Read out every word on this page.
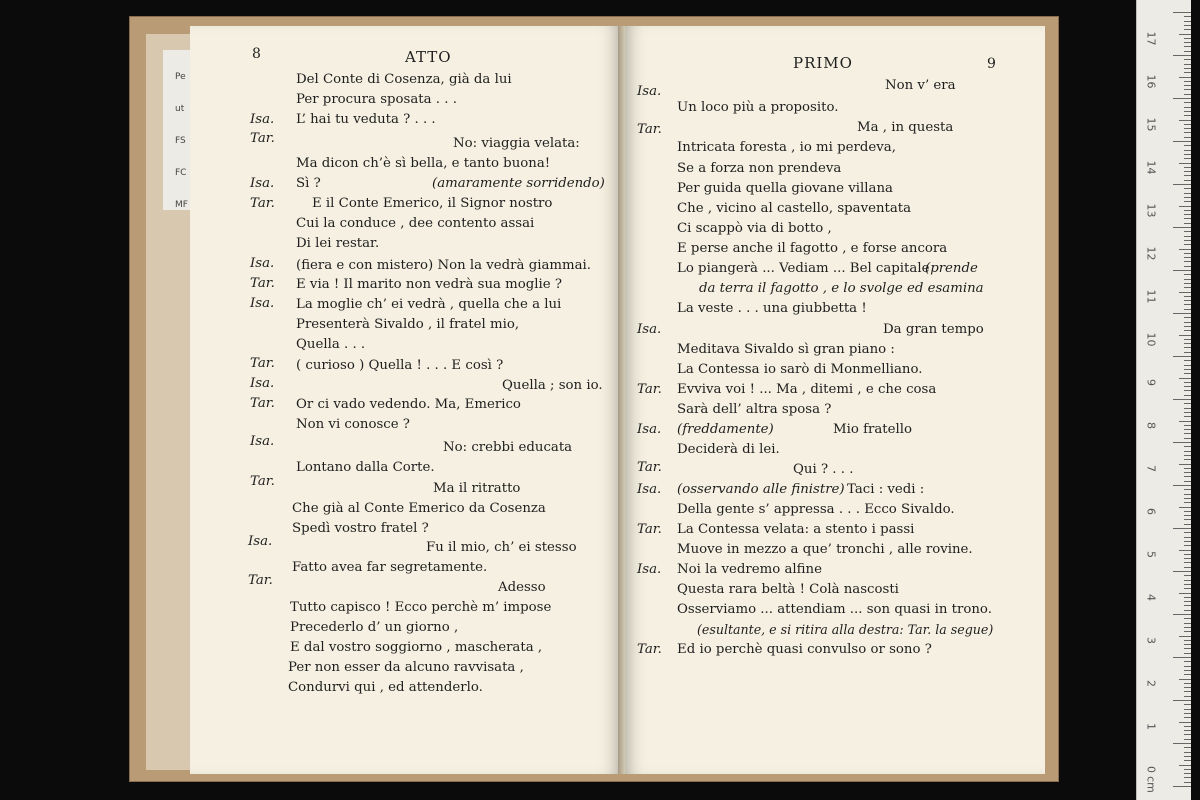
Pe
ut
FS
FC
MF
8	ATTO
Del Conte di Cosenza, già da lui
Per procura sposata . . .
Isa. L’ hai tu veduta ? . . .
Tar.	No: viaggia velata:
Ma dicon ch’è sì bella, e tanto buona!
Isa. Sì ?	(amaramente sorridendo)
Tar.	E il Conte Emerico, il Signor nostro
Cui la conduce , dee contento assai
Di lei restar.
Isa. (fiera e con mistero) Non la vedrà giammai.
Tar. E via ! Il marito non vedrà sua moglie ?
Isa. La moglie ch’ ei vedrà , quella che a lui
Presenterà Sivaldo , il fratel mio,
Quella . . .
Tar. ( curioso ) Quella ! . . . E così ?
Isa.	Quella ; son io.
Tar. Or ci vado vedendo. Ma, Emerico
Non vi conosce ?
Isa.	No: crebbi educata
Lontano dalla Corte.
Tar.	Ma il ritratto
Che già al Conte Emerico da Cosenza
Spedì vostro fratel ?
Isa.	Fu il mio, ch’ ei stesso
Fatto avea far segretamente.
Tar.	Adesso
Tutto capisco ! Ecco perchè m’ impose
Precederlo d’ un giorno ,
E dal vostro soggiorno , mascherata ,
Per non esser da alcuno ravvisata ,
Condurvi qui , ed attenderlo.
PRIMO	9
Isa.	Non v’ era
Un loco più a proposito.
Tar.	Ma , in questa
Intricata foresta , io mi perdeva,
Se a forza non prendeva
Per guida quella giovane villana
Che , vicino al castello, spaventata
Ci scappò via di botto ,
E perse anche il fagotto , e forse ancora
Lo piangerà ... Vediam ... Bel capitale
(prende
da terra il fagotto , e lo svolge ed esamina
La veste . . . una giubbetta !
Isa.	Da gran tempo
Meditava Sivaldo sì gran piano :
La Contessa io sarò di Monmelliano.
Tar. Evviva voi ! ... Ma , ditemi , e che cosa
Sarà dell’ altra sposa ?
Isa. (freddamente)	Mio fratello
Deciderà di lei.
Tar.	Qui ? . . .
Isa. (osservando alle finistre) Taci : vedi :
Della gente s’ appressa . . . Ecco Sivaldo.
Tar. La Contessa velata: a stento i passi
Muove in mezzo a que’ tronchi , alle rovine.
Isa. Noi la vedremo alfine
Questa rara beltà ! Colà nascosti
Osserviamo ... attendiam ... son quasi in trono.
(esultante, e si ritira alla destra: Tar. la segue)
Tar. Ed io perchè quasi convulso or sono ?
17
16
15
14
13
12
11
10
9
8
7
6
5
4
3
2
1
0
cm
